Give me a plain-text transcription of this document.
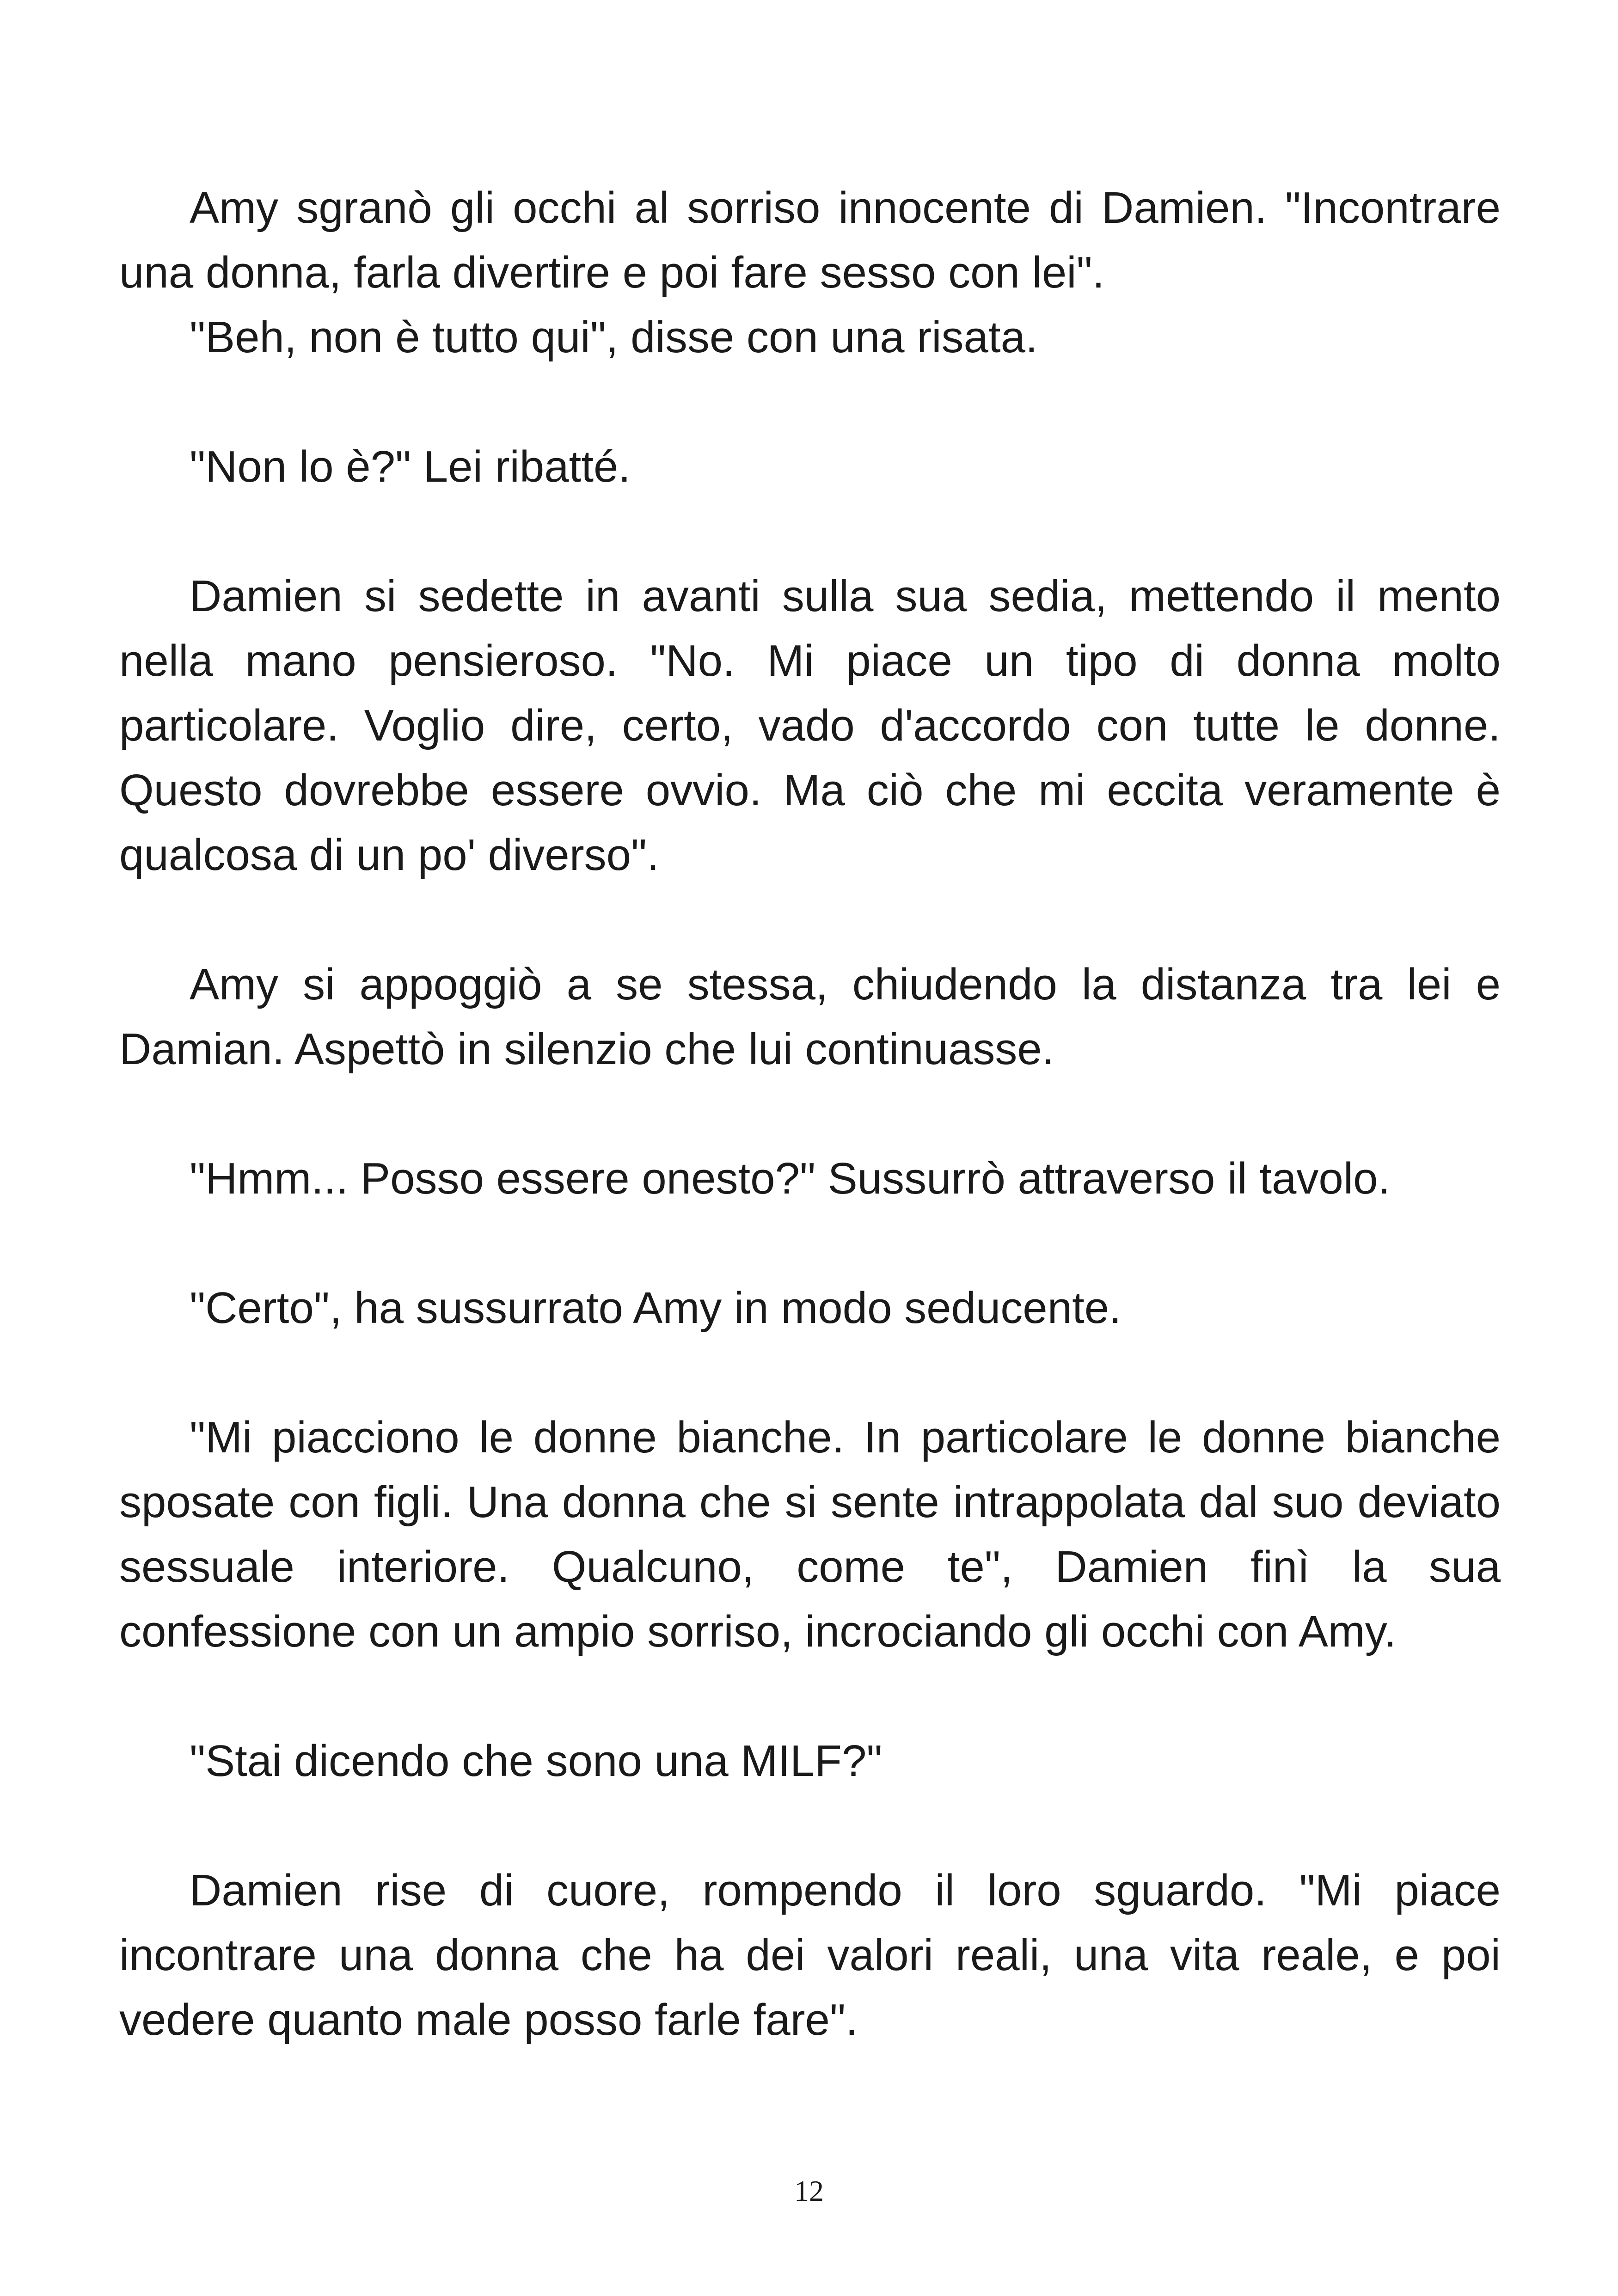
Amy sgranò gli occhi al sorriso innocente di Damien. "Incontrare una donna, farla divertire e poi fare sesso con lei".

"Beh, non è tutto qui", disse con una risata.

"Non lo è?" Lei ribatté.

Damien si sedette in avanti sulla sua sedia, mettendo il mento nella mano pensieroso. "No. Mi piace un tipo di donna molto particolare. Voglio dire, certo, vado d'accordo con tutte le donne. Questo dovrebbe essere ovvio. Ma ciò che mi eccita veramente è qualcosa di un po' diverso".

Amy si appoggiò a se stessa, chiudendo la distanza tra lei e Damian. Aspettò in silenzio che lui continuasse.

"Hmm... Posso essere onesto?" Sussurrò attraverso il tavolo.

"Certo", ha sussurrato Amy in modo seducente.

"Mi piacciono le donne bianche. In particolare le donne bianche sposate con figli. Una donna che si sente intrappolata dal suo deviato sessuale interiore. Qualcuno, come te", Damien finì la sua confessione con un ampio sorriso, incrociando gli occhi con Amy.

"Stai dicendo che sono una MILF?"

Damien rise di cuore, rompendo il loro sguardo. "Mi piace incontrare una donna che ha dei valori reali, una vita reale, e poi vedere quanto male posso farle fare".

12
